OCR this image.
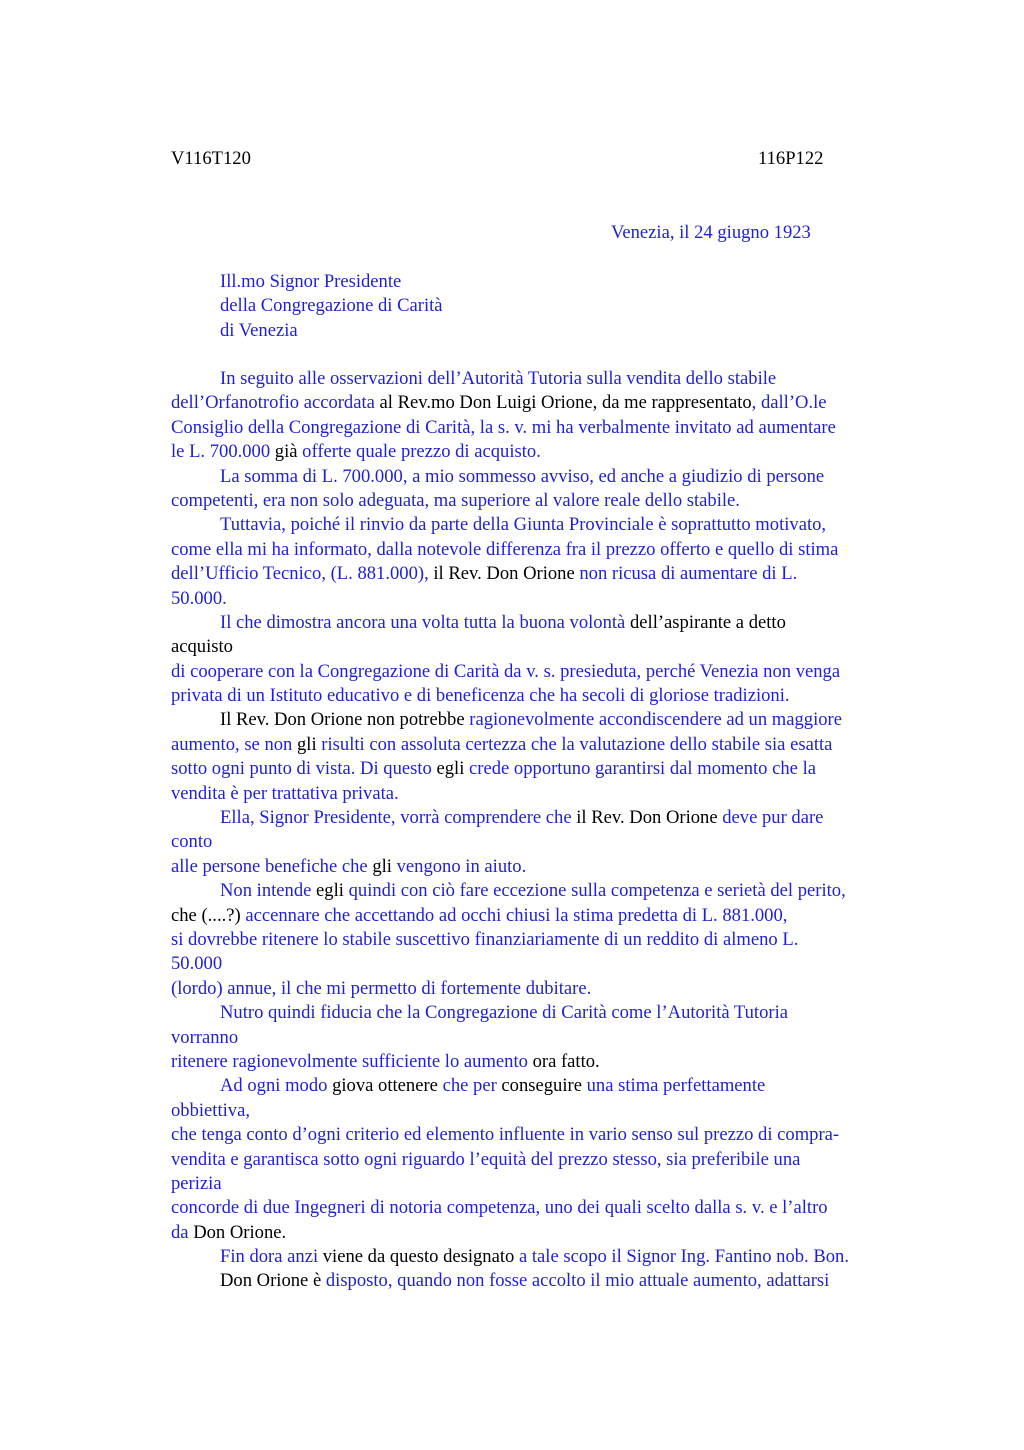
V116T120	116P122
Venezia, il 24 giugno 1923
Ill.mo Signor Presidente
della Congregazione di Carità
di Venezia
In seguito alle osservazioni dell’Autorità Tutoria sulla vendita dello stabile
dell’Orfanotrofio accordata al Rev.mo Don Luigi Orione, da me rappresentato, dall’O.le
Consiglio della Congregazione di Carità, la s. v. mi ha verbalmente invitato ad aumentare
le L. 700.000 già offerte quale prezzo di acquisto.
La somma di L. 700.000, a mio sommesso avviso, ed anche a giudizio di persone
competenti, era non solo adeguata, ma superiore al valore reale dello stabile.
Tuttavia, poiché il rinvio da parte della Giunta Provinciale è soprattutto motivato,
come ella mi ha informato, dalla notevole differenza fra il prezzo offerto e quello di stima
dell’Ufficio Tecnico, (L. 881.000), il Rev. Don Orione non ricusa di aumentare di L.
50.000.
Il che dimostra ancora una volta tutta la buona volontà dell’aspirante a detto
acquisto
di cooperare con la Congregazione di Carità da v. s. presieduta, perché Venezia non venga
privata di un Istituto educativo e di beneficenza che ha secoli di gloriose tradizioni.
Il Rev. Don Orione non potrebbe ragionevolmente accondiscendere ad un maggiore
aumento, se non gli risulti con assoluta certezza che la valutazione dello stabile sia esatta
sotto ogni punto di vista. Di questo egli crede opportuno garantirsi dal momento che la
vendita è per trattativa privata.
Ella, Signor Presidente, vorrà comprendere che il Rev. Don Orione deve pur dare
conto
alle persone benefiche che gli vengono in aiuto.
Non intende egli quindi con ciò fare eccezione sulla competenza e serietà del perito,
che (....?) accennare che accettando ad occhi chiusi la stima predetta di L. 881.000,
si dovrebbe ritenere lo stabile suscettivo finanziariamente di un reddito di almeno L.
50.000
(lordo) annue, il che mi permetto di fortemente dubitare.
Nutro quindi fiducia che la Congregazione di Carità come l’Autorità Tutoria
vorranno
ritenere ragionevolmente sufficiente lo aumento ora fatto.
Ad ogni modo giova ottenere che per conseguire una stima perfettamente
obbiettiva,
che tenga conto d’ogni criterio ed elemento influente in vario senso sul prezzo di compra-
vendita e garantisca sotto ogni riguardo l’equità del prezzo stesso, sia preferibile una
perizia
concorde di due Ingegneri di notoria competenza, uno dei quali scelto dalla s. v. e l’altro
da Don Orione.
Fin dora anzi viene da questo designato a tale scopo il Signor Ing. Fantino nob. Bon.
Don Orione è disposto, quando non fosse accolto il mio attuale aumento, adattarsi
